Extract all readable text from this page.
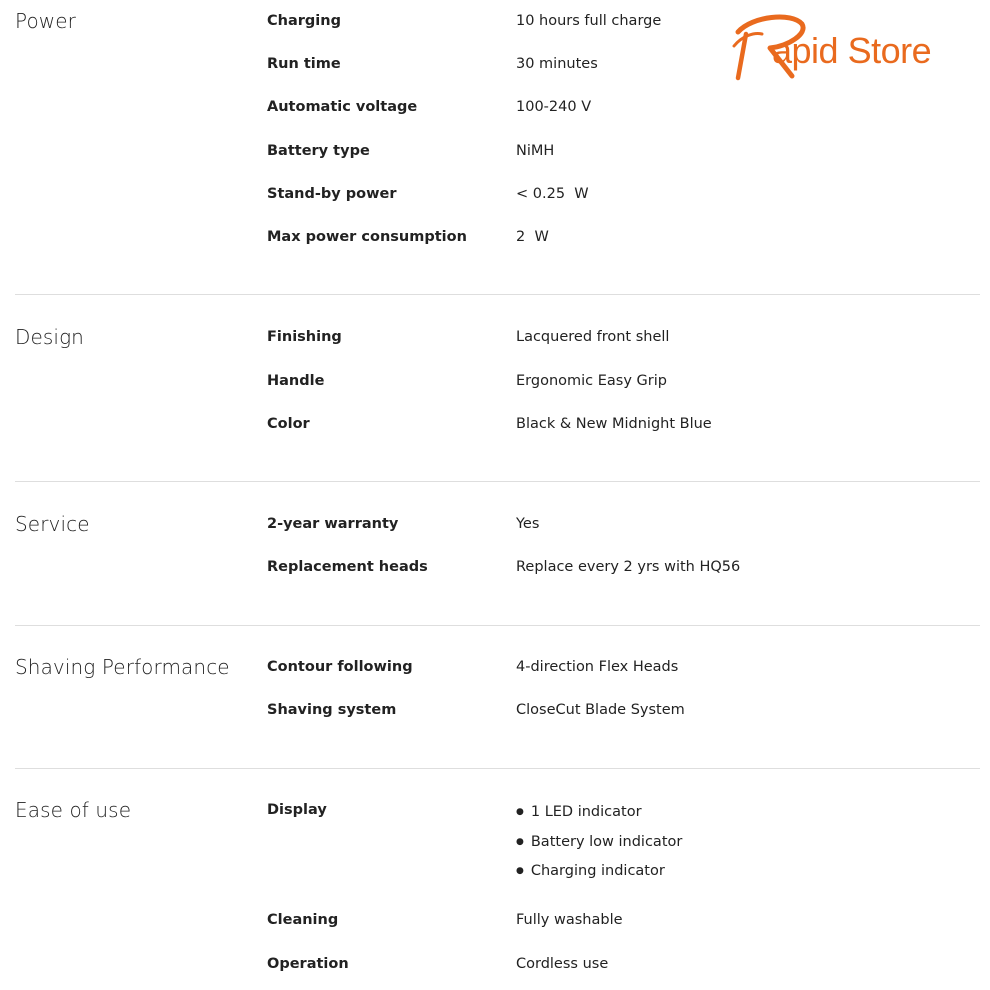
apid Store
Power	Charging	10 hours full charge
Run time	30 minutes
Automatic voltage	100-240 V
Battery type	NiMH
Stand-by power	< 0.25  W
Max power consumption	2  W
Design	Finishing	Lacquered front shell
Handle	Ergonomic Easy Grip
Color	Black & New Midnight Blue
Service	2-year warranty	Yes
Replacement heads	Replace every 2 yrs with HQ56
Shaving Performance	Contour following	4-direction Flex Heads
Shaving system	CloseCut Blade System
Ease of use	Display
●	1 LED indicator
● Battery low indicator
● Charging indicator
Cleaning	Fully washable
Operation	Cordless use
